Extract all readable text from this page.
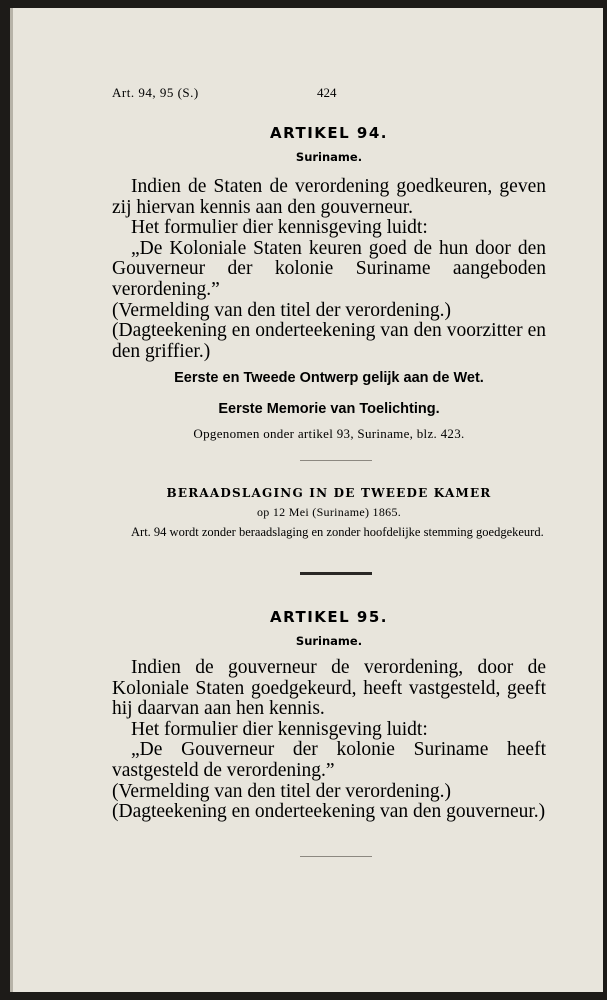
Art. 94, 95 (S.)	424
ARTIKEL 94.
Suriname.

Indien de Staten de verordening goedkeuren, geven zij hiervan kennis aan den gouverneur.

Het formulier dier kennisgeving luidt:

„De Koloniale Staten keuren goed de hun door den Gouverneur der kolonie Suriname aangeboden verordening.”

(Vermelding van den titel der verordening.)

(Dagteekening en onderteekening van den voorzitter en den griffier.)

Eerste en Tweede Ontwerp gelijk aan de Wet.
Eerste Memorie van Toelichting.
Opgenomen onder artikel 93, Suriname, blz. 423.
BERAADSLAGING IN DE TWEEDE KAMER
op 12 Mei (Suriname) 1865.

Art. 94 wordt zonder beraadslaging en zonder hoofdelijke stemming goedgekeurd.

ARTIKEL 95.
Suriname.

Indien de gouverneur de verordening, door de Koloniale Staten goedgekeurd, heeft vastgesteld, geeft hij daarvan aan hen kennis.

Het formulier dier kennisgeving luidt:

„De Gouverneur der kolonie Suriname heeft vastgesteld de verordening.”

(Vermelding van den titel der verordening.)

(Dagteekening en onderteekening van den gouverneur.)
